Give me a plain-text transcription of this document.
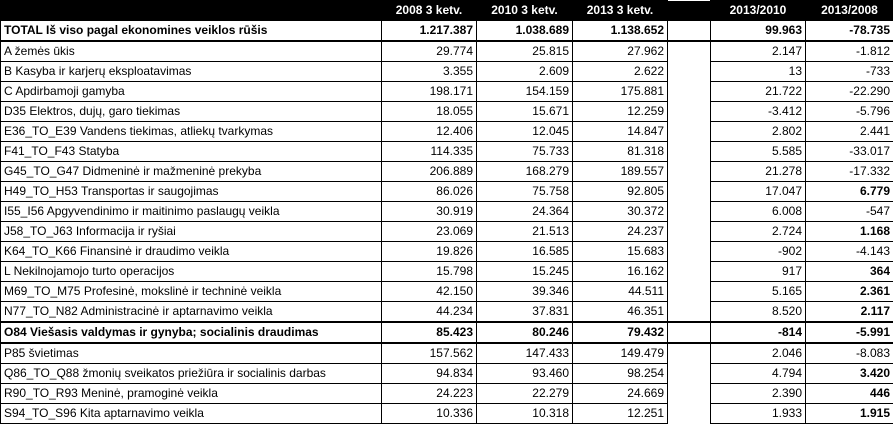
	2008 3 ketv.	2010 3 ketv.	2013 3 ketv.		2013/2010	2013/2008
TOTAL Iš viso pagal ekonomines veiklos rūšis	1.217.387	1.038.689	1.138.652		99.963	-78.735
A žemės ūkis	29.774	25.815	27.962		2.147	-1.812
B Kasyba ir karjerų eksploatavimas	3.355	2.609	2.622		13	-733
C Apdirbamoji gamyba	198.171	154.159	175.881		21.722	-22.290
D35 Elektros, dujų, garo tiekimas	18.055	15.671	12.259		-3.412	-5.796
E36_TO_E39 Vandens tiekimas, atliekų tvarkymas	12.406	12.045	14.847		2.802	2.441
F41_TO_F43 Statyba	114.335	75.733	81.318		5.585	-33.017
G45_TO_G47 Didmeninė ir mažmeninė prekyba	206.889	168.279	189.557		21.278	-17.332
H49_TO_H53 Transportas ir saugojimas	86.026	75.758	92.805		17.047	6.779
I55_I56 Apgyvendinimo ir maitinimo paslaugų veikla	30.919	24.364	30.372		6.008	-547
J58_TO_J63 Informacija ir ryšiai	23.069	21.513	24.237		2.724	1.168
K64_TO_K66 Finansinė ir draudimo veikla	19.826	16.585	15.683		-902	-4.143
L Nekilnojamojo turto operacijos	15.798	15.245	16.162		917	364
M69_TO_M75 Profesinė, mokslinė ir techninė veikla	42.150	39.346	44.511		5.165	2.361
N77_TO_N82 Administracinė ir aptarnavimo veikla	44.234	37.831	46.351		8.520	2.117
O84 Viešasis valdymas ir gynyba; socialinis draudimas	85.423	80.246	79.432		-814	-5.991
P85 švietimas	157.562	147.433	149.479		2.046	-8.083
Q86_TO_Q88 žmonių sveikatos priežiūra ir socialinis darbas	94.834	93.460	98.254		4.794	3.420
R90_TO_R93 Meninė, pramoginė veikla	24.223	22.279	24.669		2.390	446
S94_TO_S96 Kita aptarnavimo veikla	10.336	10.318	12.251		1.933	1.915
